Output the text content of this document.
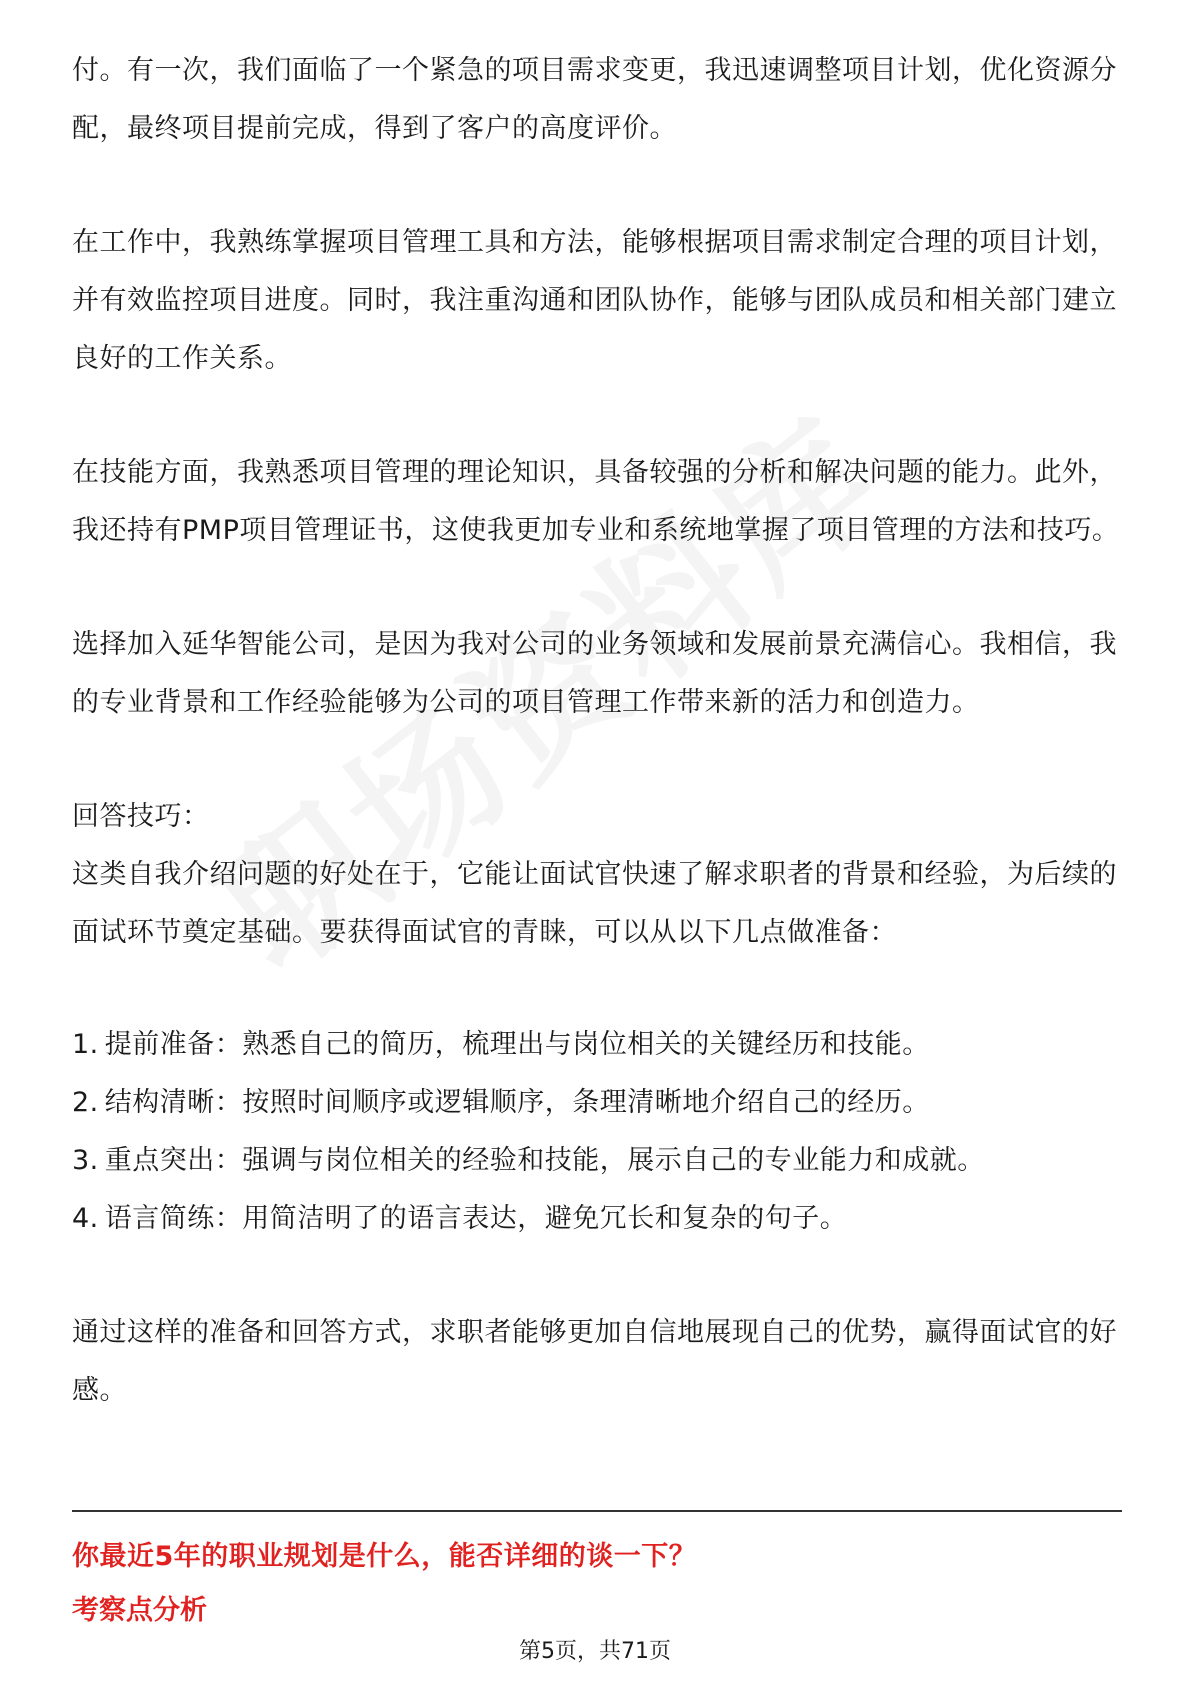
付。有一次，我们面临了一个紧急的项目需求变更，我迅速调整项目计划，优化资源分配，最终项目提前完成，得到了客户的高度评价。

在工作中，我熟练掌握项目管理工具和方法，能够根据项目需求制定合理的项目计划，并有效监控项目进度。同时，我注重沟通和团队协作，能够与团队成员和相关部门建立良好的工作关系。

在技能方面，我熟悉项目管理的理论知识，具备较强的分析和解决问题的能力。此外，我还持有PMP项目管理证书，这使我更加专业和系统地掌握了项目管理的方法和技巧。

选择加入延华智能公司，是因为我对公司的业务领域和发展前景充满信心。我相信，我的专业背景和工作经验能够为公司的项目管理工作带来新的活力和创造力。

回答技巧：

这类自我介绍问题的好处在于，它能让面试官快速了解求职者的背景和经验，为后续的面试环节奠定基础。要获得面试官的青睐，可以从以下几点做准备：

1. 提前准备：熟悉自己的简历，梳理出与岗位相关的关键经历和技能。
2. 结构清晰：按照时间顺序或逻辑顺序，条理清晰地介绍自己的经历。
3. 重点突出：强调与岗位相关的经验和技能，展示自己的专业能力和成就。
4. 语言简练：用简洁明了的语言表达，避免冗长和复杂的句子。

通过这样的准备和回答方式，求职者能够更加自信地展现自己的优势，赢得面试官的好感。

你最近5年的职业规划是什么，能否详细的谈一下？
考察点分析
第5页，共71页
